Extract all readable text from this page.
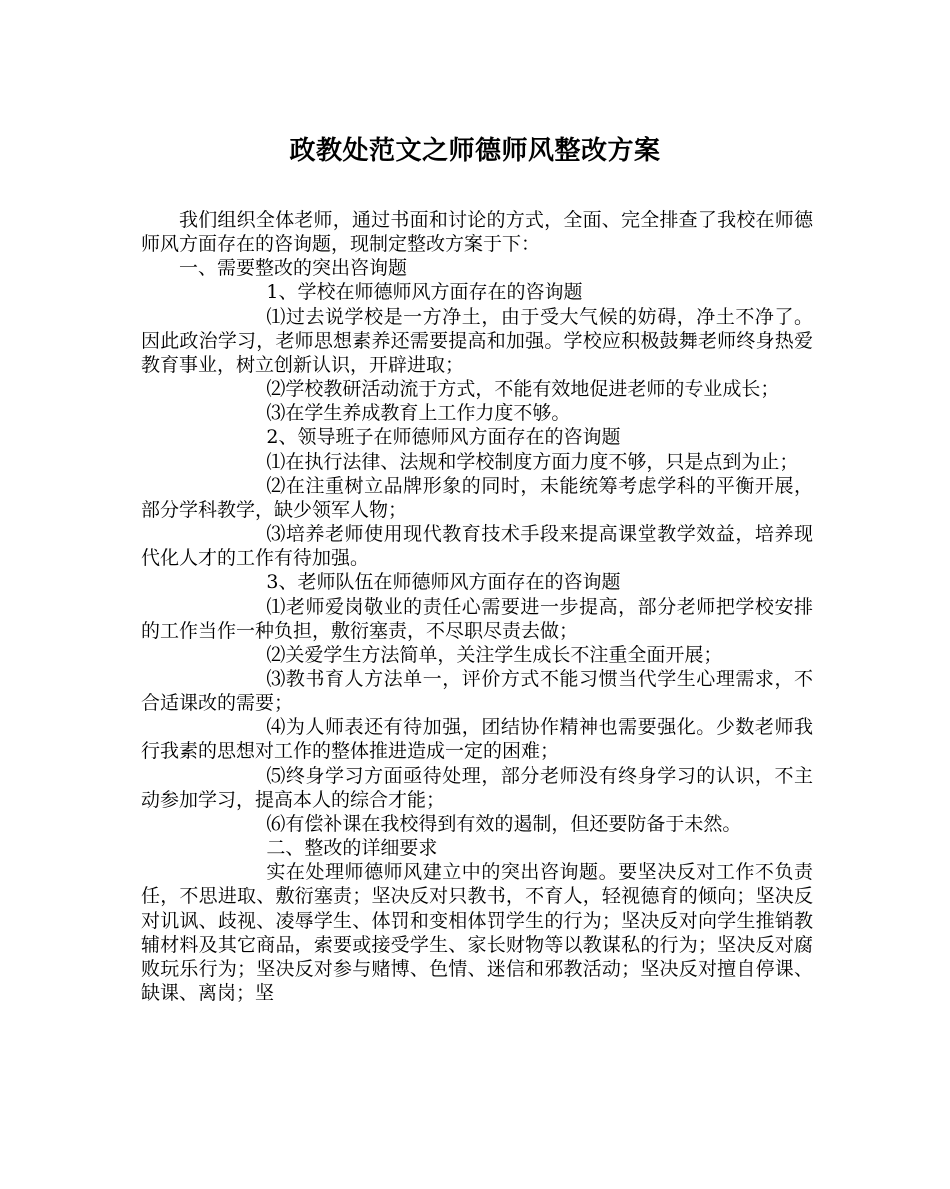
政教处范文之师德师风整改方案

我们组织全体老师，通过书面和讨论的方式，全面、完全排查了我校在师德师风方面存在的咨询题，现制定整改方案于下：

一、需要整改的突出咨询题

1、学校在师德师风方面存在的咨询题

⑴过去说学校是一方净土，由于受大气候的妨碍，净土不净了。因此政治学习，老师思想素养还需要提高和加强。学校应积极鼓舞老师终身热爱教育事业，树立创新认识，开辟进取；

⑵学校教研活动流于方式，不能有效地促进老师的专业成长；

⑶在学生养成教育上工作力度不够。

2、领导班子在师德师风方面存在的咨询题

⑴在执行法律、法规和学校制度方面力度不够，只是点到为止；

⑵在注重树立品牌形象的同时，未能统筹考虑学科的平衡开展，部分学科教学，缺少领军人物；

⑶培养老师使用现代教育技术手段来提高课堂教学效益，培养现代化人才的工作有待加强。

3、老师队伍在师德师风方面存在的咨询题

⑴老师爱岗敬业的责任心需要进一步提高，部分老师把学校安排的工作当作一种负担，敷衍塞责，不尽职尽责去做；

⑵关爱学生方法简单，关注学生成长不注重全面开展；

⑶教书育人方法单一，评价方式不能习惯当代学生心理需求，不合适课改的需要；

⑷为人师表还有待加强，团结协作精神也需要强化。少数老师我行我素的思想对工作的整体推进造成一定的困难；

⑸终身学习方面亟待处理，部分老师没有终身学习的认识，不主动参加学习，提高本人的综合才能；

⑹有偿补课在我校得到有效的遏制，但还要防备于未然。

二、整改的详细要求

实在处理师德师风建立中的突出咨询题。要坚决反对工作不负责任，不思进取、敷衍塞责；坚决反对只教书，不育人，轻视德育的倾向；坚决反对讥讽、歧视、凌辱学生、体罚和变相体罚学生的行为；坚决反对向学生推销教辅材料及其它商品，索要或接受学生、家长财物等以教谋私的行为；坚决反对腐败玩乐行为；坚决反对参与赌博、色情、迷信和邪教活动；坚决反对擅自停课、缺课、离岗；坚
